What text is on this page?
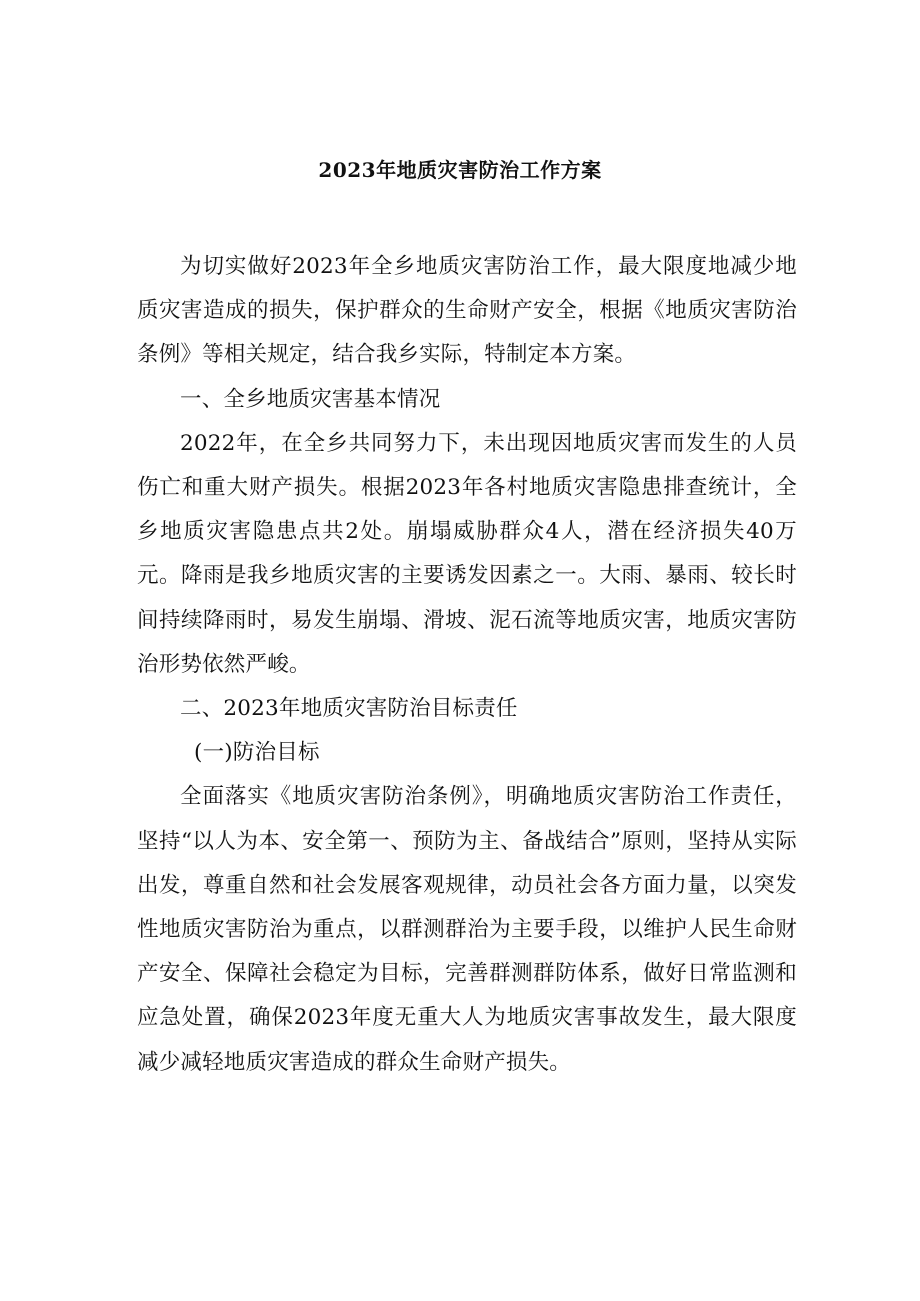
2023年地质灾害防治工作方案

为切实做好2023年全乡地质灾害防治工作，最大限度地减少地质灾害造成的损失，保护群众的生命财产安全，根据《地质灾害防治条例》等相关规定，结合我乡实际，特制定本方案。

一、全乡地质灾害基本情况

2022年，在全乡共同努力下，未出现因地质灾害而发生的人员伤亡和重大财产损失。根据2023年各村地质灾害隐患排查统计，全乡地质灾害隐患点共2处。崩塌威胁群众4人，潜在经济损失40万元。降雨是我乡地质灾害的主要诱发因素之一。大雨、暴雨、较长时间持续降雨时，易发生崩塌、滑坡、泥石流等地质灾害，地质灾害防治形势依然严峻。

二、2023年地质灾害防治目标责任

(一)防治目标

全面落实《地质灾害防治条例》，明确地质灾害防治工作责任，坚持“以人为本、安全第一、预防为主、备战结合”原则，坚持从实际出发，尊重自然和社会发展客观规律，动员社会各方面力量，以突发性地质灾害防治为重点，以群测群治为主要手段，以维护人民生命财产安全、保障社会稳定为目标，完善群测群防体系，做好日常监测和应急处置，确保2023年度无重大人为地质灾害事故发生，最大限度减少减轻地质灾害造成的群众生命财产损失。
